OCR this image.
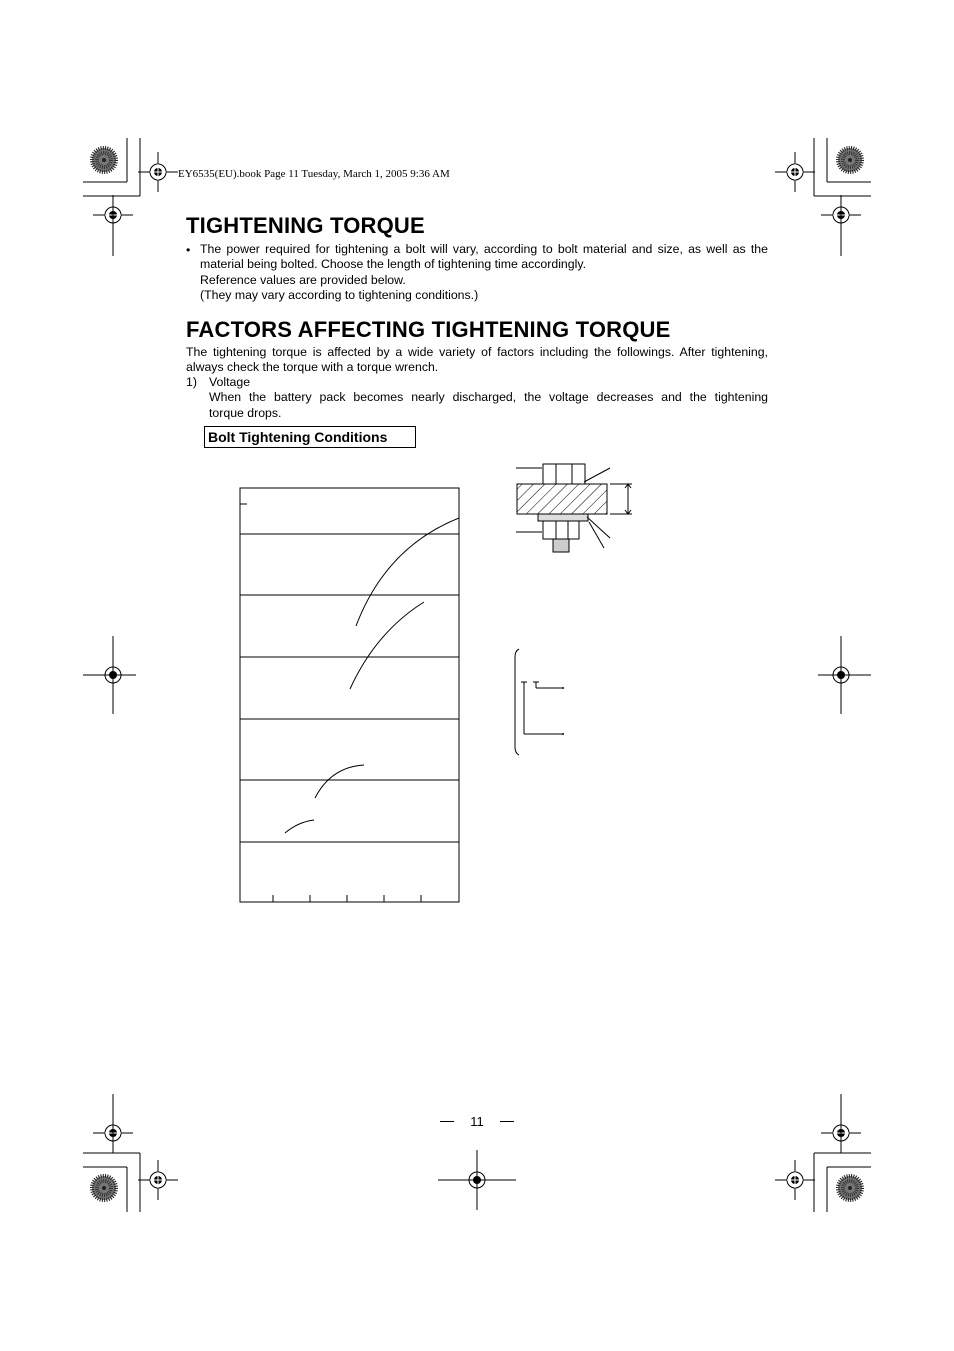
EY6535(EU).book Page 11 Tuesday, March 1, 2005 9:36 AM
TIGHTENING TORQUE
• The power required for tightening a bolt will vary, according to bolt material and size, as well as the
material being bolted. Choose the length of tightening time accordingly.
Reference values are provided below.
(They may vary according to tightening conditions.)
FACTORS AFFECTING TIGHTENING TORQUE
The tightening torque is affected by a wide variety of factors including the followings. After tightening,
always check the torque with a torque wrench.
1) Voltage
When the battery pack becomes nearly discharged, the voltage decreases and the tightening
torque drops.
Bolt Tightening Conditions
11
